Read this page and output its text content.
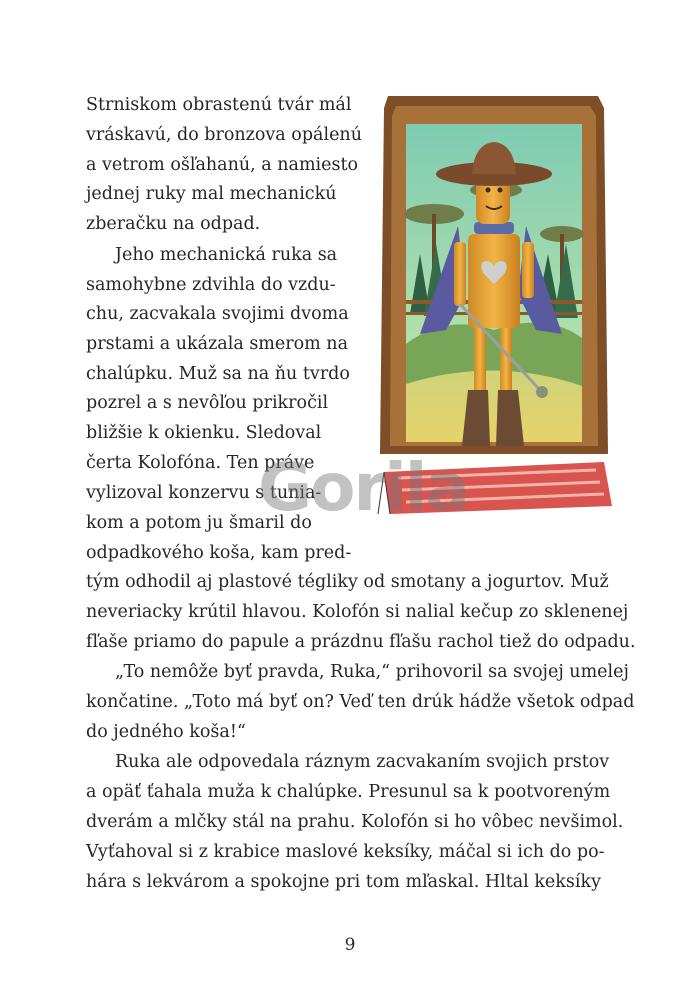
Strniskom obrastenú tvár mál
vráskavú, do bronzova opálenú
a vetrom ošľahanú, a namiesto
jednej ruky mal mechanickú
zberačku na odpad.
Jeho mechanická ruka sa
samohybne zdvihla do vzdu-
chu, zacvakala svojimi dvoma
prstami a ukázala smerom na
chalúpku. Muž sa na ňu tvrdo
pozrel a s nevôľou prikročil
bližšie k okienku. Sledoval
čerta Kolofóna. Ten práve
vylizoval konzervu s tunia-
kom a potom ju šmaril do
odpadkového koša, kam pred-
tým odhodil aj plastové tégliky od smotany a jogurtov. Muž
neveriacky krútil hlavou. Kolofón si nalial kečup zo sklenenej
fľaše priamo do papule a prázdnu fľašu rachol tiež do odpadu.
„To nemôže byť pravda, Ruka,“ prihovoril sa svojej umelej
končatine. „Toto má byť on? Veď ten drúk hádže všetok odpad
do jedného koša!“
Ruka ale odpovedala ráznym zacvakaním svojich prstov
a opäť ťahala muža k chalúpke. Presunul sa k pootvoreným
dverám a mlčky stál na prahu. Kolofón si ho vôbec nevšimol.
Vyťahoval si z krabice maslové keksíky, máčal si ich do po-
hára s lekvárom a spokojne pri tom mľaskal. Hltal keksíky
Gorila
9
